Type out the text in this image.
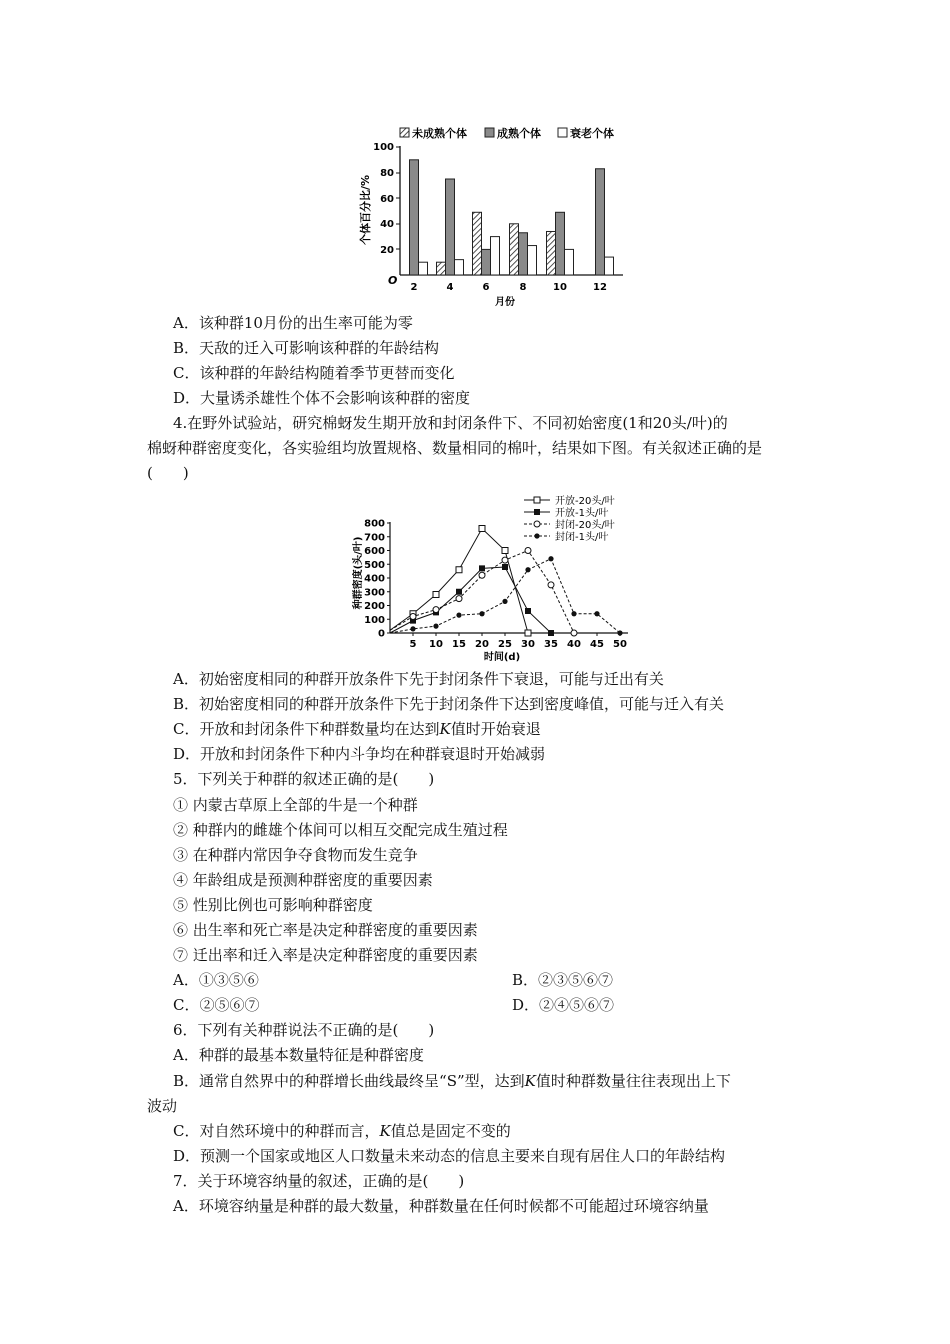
未成熟个体	成熟个体	衰老个体
个体百分比/%
100
80
60
40
20
O
2	4	6	8	10	12
月份
开放-20头/叶
开放-1头/叶
封闭-20头/叶
封闭-1头/叶
种群密度(头/叶)
800
700
600
500
400
300
200
100
0
5 10 15 20 25 30 35 40 45 50
时间(d)
A．该种群10月份的出生率可能为零
B．天敌的迁入可影响该种群的年龄结构
C．该种群的年龄结构随着季节更替而变化
D．大量诱杀雄性个体不会影响该种群的密度
4.在野外试验站，研究棉蚜发生期开放和封闭条件下、不同初始密度(1和20头/叶)的
棉蚜种群密度变化，各实验组均放置规格、数量相同的棉叶，结果如下图。有关叙述正确的是
(　　)
A．初始密度相同的种群开放条件下先于封闭条件下衰退，可能与迁出有关
B．初始密度相同的种群开放条件下先于封闭条件下达到密度峰值，可能与迁入有关
C．开放和封闭条件下种群数量均在达到K值时开始衰退
D．开放和封闭条件下种内斗争均在种群衰退时开始减弱
5．下列关于种群的叙述正确的是(　　)
① 内蒙古草原上全部的牛是一个种群
② 种群内的雌雄个体间可以相互交配完成生殖过程
③ 在种群内常因争夺食物而发生竞争
④ 年龄组成是预测种群密度的重要因素
⑤ 性别比例也可影响种群密度
⑥ 出生率和死亡率是决定种群密度的重要因素
⑦ 迁出率和迁入率是决定种群密度的重要因素
A．①③⑤⑥	B．②③⑤⑥⑦
C．②⑤⑥⑦	D．②④⑤⑥⑦
6．下列有关种群说法不正确的是(　　)
A．种群的最基本数量特征是种群密度
B．通常自然界中的种群增长曲线最终呈“S”型，达到K值时种群数量往往表现出上下
波动
C．对自然环境中的种群而言，K值总是固定不变的
D．预测一个国家或地区人口数量未来动态的信息主要来自现有居住人口的年龄结构
7．关于环境容纳量的叙述，正确的是(　　)
A．环境容纳量是种群的最大数量，种群数量在任何时候都不可能超过环境容纳量
